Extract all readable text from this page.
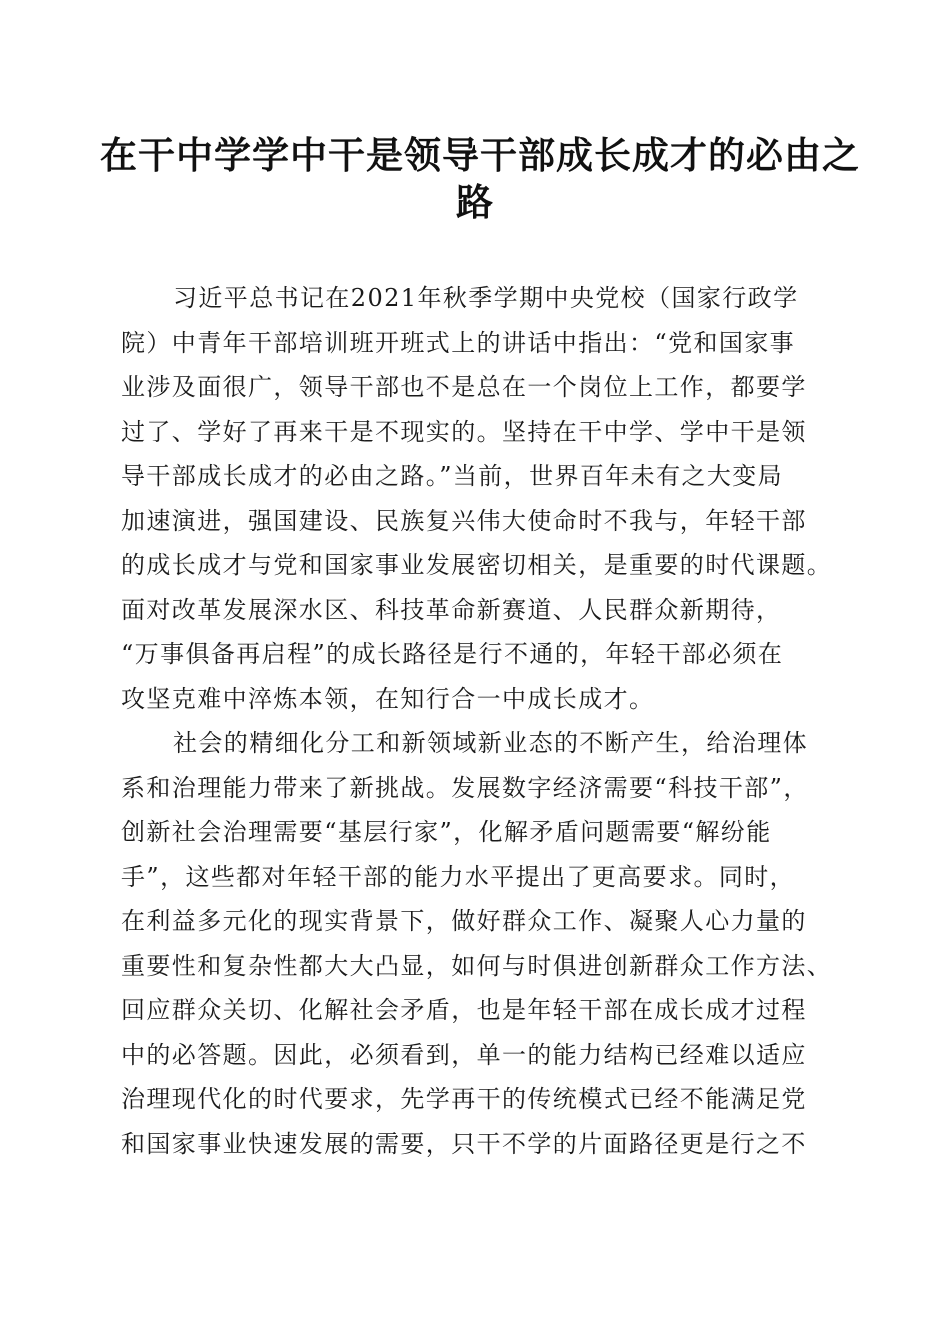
在干中学学中干是领导干部成长成才的必由之
路
习近平总书记在2021年秋季学期中央党校（国家行政学
院）中青年干部培训班开班式上的讲话中指出：“党和国家事
业涉及面很广，领导干部也不是总在一个岗位上工作，都要学
过了、学好了再来干是不现实的。坚持在干中学、学中干是领
导干部成长成才的必由之路。”当前，世界百年未有之大变局
加速演进，强国建设、民族复兴伟大使命时不我与，年轻干部
的成长成才与党和国家事业发展密切相关，是重要的时代课题。
面对改革发展深水区、科技革命新赛道、人民群众新期待，
“万事俱备再启程”的成长路径是行不通的，年轻干部必须在
攻坚克难中淬炼本领，在知行合一中成长成才。
社会的精细化分工和新领域新业态的不断产生，给治理体
系和治理能力带来了新挑战。发展数字经济需要“科技干部”，
创新社会治理需要“基层行家”，化解矛盾问题需要“解纷能
手”，这些都对年轻干部的能力水平提出了更高要求。同时，
在利益多元化的现实背景下，做好群众工作、凝聚人心力量的
重要性和复杂性都大大凸显，如何与时俱进创新群众工作方法、
回应群众关切、化解社会矛盾，也是年轻干部在成长成才过程
中的必答题。因此，必须看到，单一的能力结构已经难以适应
治理现代化的时代要求，先学再干的传统模式已经不能满足党
和国家事业快速发展的需要，只干不学的片面路径更是行之不
